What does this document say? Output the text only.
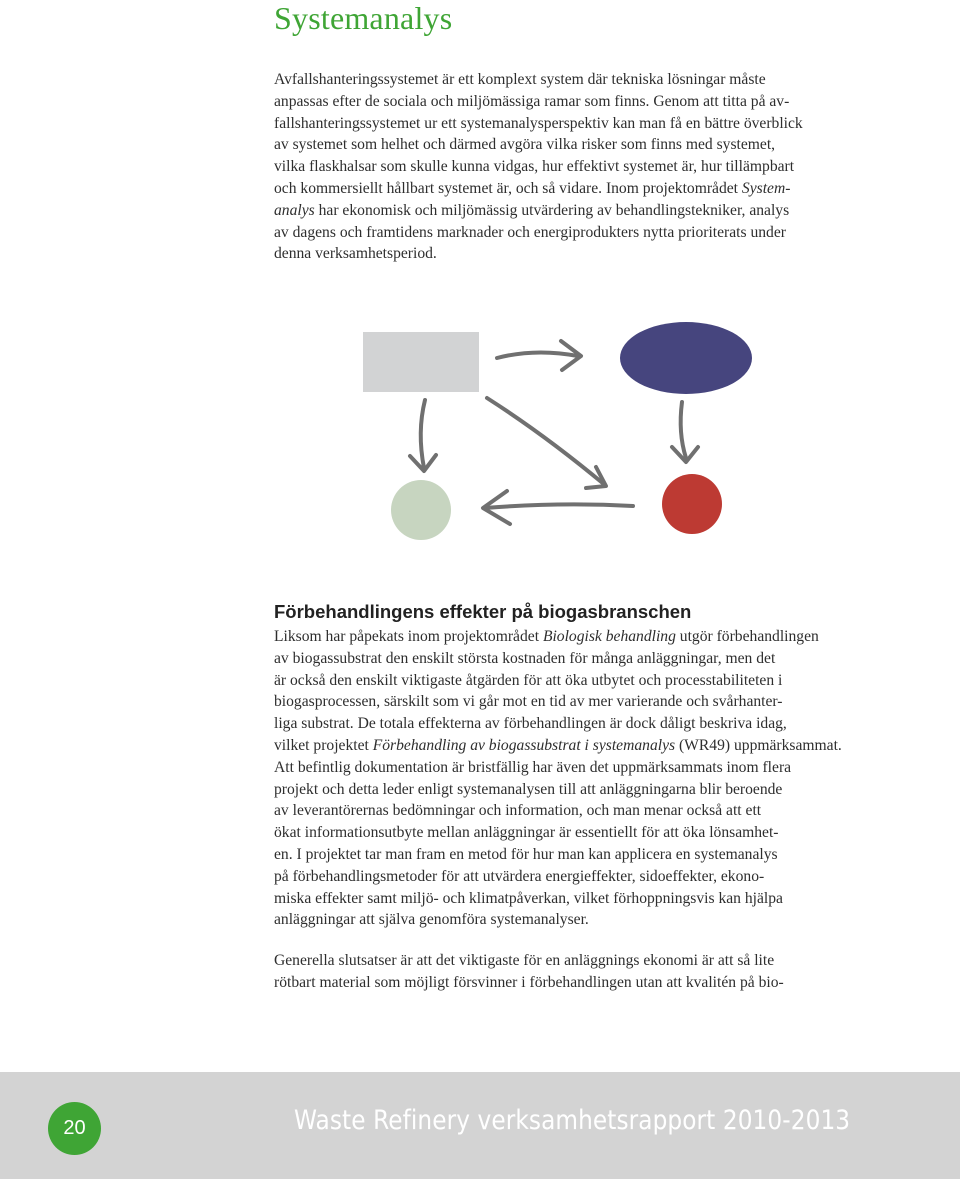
Systemanalys

Avfallshanteringssystemet är ett komplext system där tekniska lösningar måste
anpassas efter de sociala och miljömässiga ramar som finns. Genom att titta på av-
fallshanteringssystemet ur ett systemanalysperspektiv kan man få en bättre överblick
av systemet som helhet och därmed avgöra vilka risker som finns med systemet,
vilka flaskhalsar som skulle kunna vidgas, hur effektivt systemet är, hur tillämpbart
och kommersiellt hållbart systemet är, och så vidare. Inom projektområdet System-
analys har ekonomisk och miljömässig utvärdering av behandlingstekniker, analys
av dagens och framtidens marknader och energiprodukters nytta prioriterats under
denna verksamhetsperiod.

Förbehandlingens effekter på biogasbranschen

Liksom har påpekats inom projektområdet Biologisk behandling utgör förbehandlingen
av biogassubstrat den enskilt största kostnaden för många anläggningar, men det
är också den enskilt viktigaste åtgärden för att öka utbytet och processtabiliteten i
biogasprocessen, särskilt som vi går mot en tid av mer varierande och svårhanter-
liga substrat. De totala effekterna av förbehandlingen är dock dåligt beskriva idag,
vilket projektet Förbehandling av biogassubstrat i systemanalys (WR49) uppmärksammat.
Att befintlig dokumentation är bristfällig har även det uppmärksammats inom flera
projekt och detta leder enligt systemanalysen till att anläggningarna blir beroende
av leverantörernas bedömningar och information, och man menar också att ett
ökat informationsutbyte mellan anläggningar är essentiellt för att öka lönsamhet-
en. I projektet tar man fram en metod för hur man kan applicera en systemanalys
på förbehandlingsmetoder för att utvärdera energieffekter, sidoeffekter, ekono-
miska effekter samt miljö- och klimatpåverkan, vilket förhoppningsvis kan hjälpa
anläggningar att själva genomföra systemanalyser.

Generella slutsatser är att det viktigaste för en anläggnings ekonomi är att så lite
rötbart material som möjligt försvinner i förbehandlingen utan att kvalitén på bio-

20	Waste Refinery verksamhetsrapport 2010-2013
